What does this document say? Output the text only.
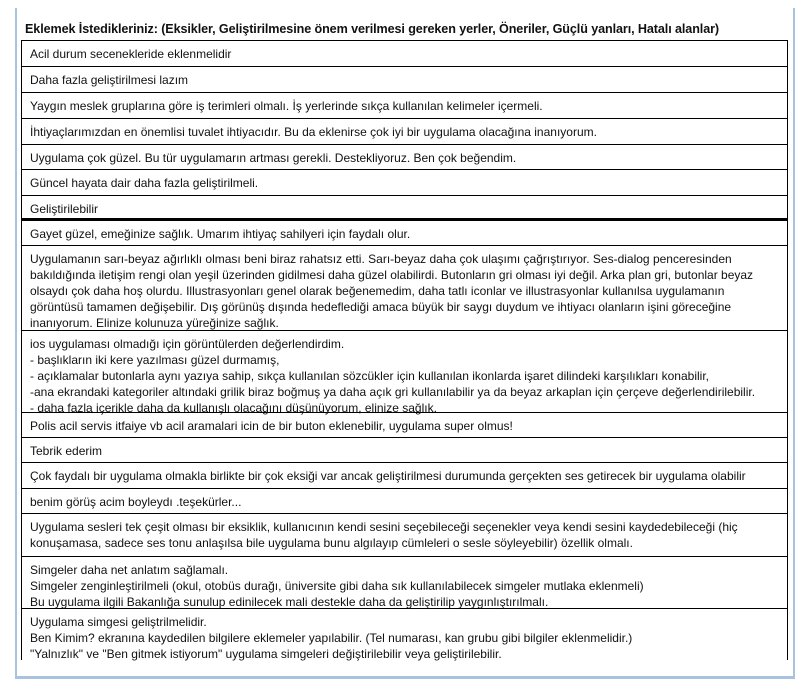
Eklemek İstedikleriniz: (Eksikler, Geliştirilmesine önem verilmesi gereken yerler, Öneriler, Güçlü yanları, Hatalı alanlar)
Acil durum secenekleride eklenmelidir
Daha fazla geliştirilmesi lazım
Yaygın meslek gruplarına göre iş terimleri olmalı. İş yerlerinde sıkça kullanılan kelimeler içermeli.
İhtiyaçlarımızdan en önemlisi tuvalet ihtiyacıdır. Bu da eklenirse çok iyi bir uygulama olacağına inanıyorum.
Uygulama çok güzel. Bu tür uygulamarın artması gerekli. Destekliyoruz. Ben çok beğendim.
Güncel hayata dair daha fazla geliştirilmeli.
Geliştirilebilir
Gayet güzel, emeğinize sağlık. Umarım ihtiyaç sahilyeri için faydalı olur.
Uygulamanın sarı-beyaz ağırlıklı olması beni biraz rahatsız etti. Sarı-beyaz daha çok ulaşımı çağrıştırıyor. Ses-dialog penceresinden
bakıldığında iletişim rengi olan yeşil üzerinden gidilmesi daha güzel olabilirdi. Butonların gri olması iyi değil. Arka plan gri, butonlar beyaz
olsaydı çok daha hoş olurdu. Illustrasyonları genel olarak beğenemedim, daha tatlı iconlar ve illustrasyonlar kullanılsa uygulamanın
görüntüsü tamamen değişebilir. Dış görünüş dışında hedeflediği amaca büyük bir saygı duydum ve ihtiyacı olanların işini göreceğine
inanıyorum. Elinize kolunuza yüreğinize sağlık.
ios uygulaması olmadığı için görüntülerden değerlendirdim.
- başlıkların iki kere yazılması güzel durmamış,
- açıklamalar butonlarla aynı yazıya sahip, sıkça kullanılan sözcükler için kullanılan ikonlarda işaret dilindeki karşılıkları konabilir,
-ana ekrandaki kategoriler altındaki grilik biraz boğmuş ya daha açık gri kullanılabilir ya da beyaz arkaplan için çerçeve değerlendirilebilir.
- daha fazla içerikle daha da kullanışlı olacağını düşünüyorum, elinize sağlık.
Polis acil servis itfaiye vb acil aramalari icin de bir buton eklenebilir, uygulama super olmus!
Tebrik ederim
Çok faydalı bir uygulama olmakla birlikte bir çok eksiği var ancak geliştirilmesi durumunda gerçekten ses getirecek bir uygulama olabilir
benim görüş acim boyleydı .teşekürler...
Uygulama sesleri tek çeşit olması bir eksiklik, kullanıcının kendi sesini seçebileceği seçenekler veya kendi sesini kaydedebileceği (hiç
konuşamasa, sadece ses tonu anlaşılsa bile uygulama bunu algılayıp cümleleri o sesle söyleyebilir) özellik olmalı.
Simgeler daha net anlatım sağlamalı.
Simgeler zenginleştirilmeli (okul, otobüs durağı, üniversite gibi daha sık kullanılabilecek simgeler mutlaka eklenmeli)
Bu uygulama ilgili Bakanlığa sunulup edinilecek mali destekle daha da geliştirilip yaygınlıştırılmalı.
Uygulama simgesi geliştrilmelidir.
Ben Kimim? ekranına kaydedilen bilgilere eklemeler yapılabilir. (Tel numarası, kan grubu gibi bilgiler eklenmelidir.)
"Yalnızlık" ve "Ben gitmek istiyorum" uygulama simgeleri değiştirilebilir veya geliştirilebilir.
